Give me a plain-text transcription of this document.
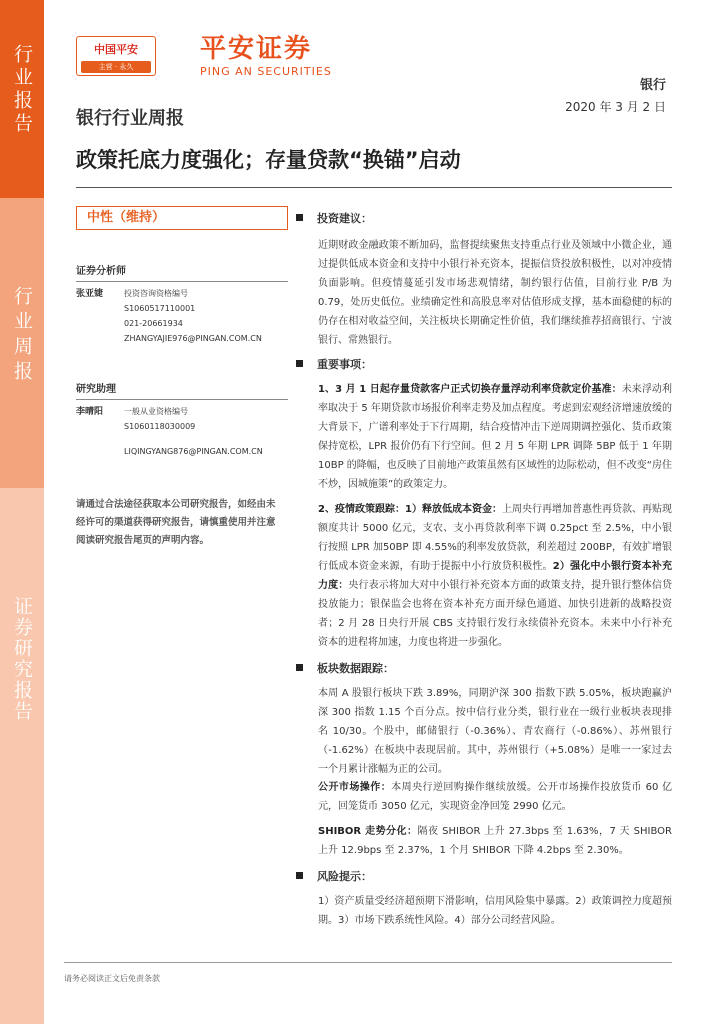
行业报告
行业周报
证券研究报告
中国平安
主营 · 永久
平安证券
PING AN SECURITIES
银行
2020 年 3 月 2 日
银行行业周报
政策托底力度强化；存量贷款“换锚”启动
中性（维持）
证券分析师
张亚婕	投资咨询资格编号
S1060517110001
021-20661934
ZHANGYAJIE976@PINGAN.COM.CN
研究助理
李晴阳	一般从业资格编号
S1060118030009
LIQINGYANG876@PINGAN.COM.CN
请通过合法途径获取本公司研究报告，如经由未经许可的渠道获得研究报告，请慎重使用并注意阅读研究报告尾页的声明内容。
投资建议：
近期财政金融政策不断加码，监督提续聚焦支持重点行业及领域中小微企业，通过提供低成本资金和支持中小银行补充资本，提振信贷投放积极性，以对冲疫情负面影响。但疫情蔓延引发市场悲观情绪，制约银行估值，目前行业 P/B 为 0.79，处历史低位。业绩确定性和高股息率对估值形成支撑，基本面稳健的标的仍存在相对收益空间，关注板块长期确定性价值，我们继续推荐招商银行、宁波银行、常熟银行。
重要事项：
1、3 月 1 日起存量贷款客户正式切换存量浮动利率贷款定价基准：未来浮动利率取决于 5 年期贷款市场报价利率走势及加点程度。考虑到宏观经济增速放缓的大背景下，广谱利率处于下行周期，结合疫情冲击下逆周期调控强化、货币政策保持宽松，LPR 报价仍有下行空间。但 2 月 5 年期 LPR 调降 5BP 低于 1 年期 10BP 的降幅，也反映了目前地产政策虽然有区域性的边际松动，但不改变“房住不炒，因城施策”的政策定力。
2、疫情政策跟踪：1）释放低成本资金：上周央行再增加普惠性再贷款、再贴现额度共计 5000 亿元，支农、支小再贷款利率下调 0.25pct 至 2.5%，中小银行按照 LPR 加50BP 即 4.55%的利率发放贷款，利差超过 200BP，有效扩增银行低成本资金来源，有助于提振中小行放贷积极性。2）强化中小银行资本补充力度：央行表示将加大对中小银行补充资本方面的政策支持，提升银行整体信贷投放能力；银保监会也将在资本补充方面开绿色通道、加快引进新的战略投资者；2 月 28 日央行开展 CBS 支持银行发行永续债补充资本。未来中小行补充资本的进程将加速，力度也将进一步强化。
板块数据跟踪：
本周 A 股银行板块下跌 3.89%，同期沪深 300 指数下跌 5.05%，板块跑赢沪深 300 指数 1.15 个百分点。按中信行业分类，银行业在一级行业板块表现排名 10/30。个股中，邮储银行（-0.36%）、青农商行（-0.86%）、苏州银行（-1.62%）在板块中表现居前。其中，苏州银行（+5.08%）是唯一一家过去一个月累计涨幅为正的公司。
公开市场操作：本周央行逆回购操作继续放缓。公开市场操作投放货币 60 亿元，回笼货币 3050 亿元，实现资金净回笼 2990 亿元。
SHIBOR 走势分化：隔夜 SHIBOR 上升 27.3bps 至 1.63%，7 天 SHIBOR 上升 12.9bps 至 2.37%，1 个月 SHIBOR 下降 4.2bps 至 2.30%。
风险提示：
1）资产质量受经济超预期下滑影响，信用风险集中暴露。2）政策调控力度超预期。3）市场下跌系统性风险。4）部分公司经营风险。
请务必阅读正文后免责条款
